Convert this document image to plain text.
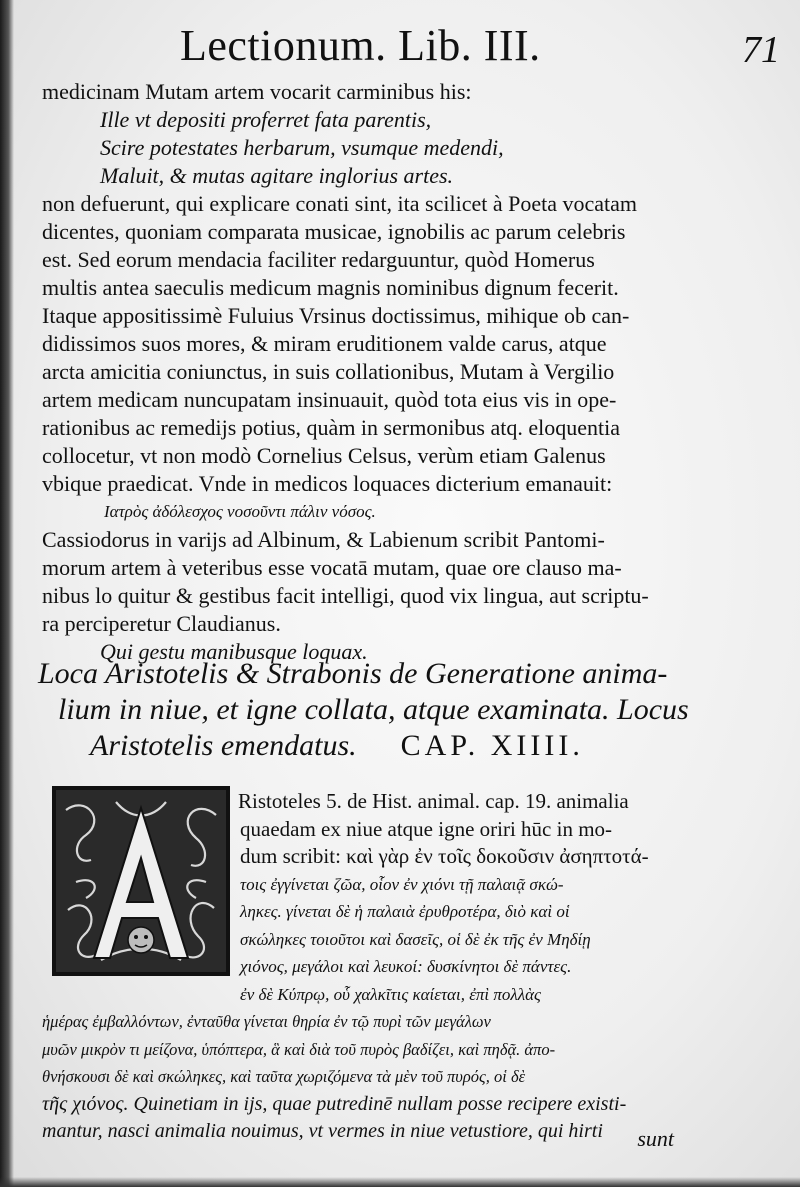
Lectionum. Lib. III.	71
medicinam Mutam artem vocarit carminibus his:
Ille vt depositi proferret fata parentis,
Scire potestates herbarum, vsumque medendi,
Maluit, & mutas agitare inglorius artes.
non defuerunt, qui explicare conati sint, ita scilicet à Poeta vocatam
dicentes, quoniam comparata musicae, ignobilis ac parum celebris
est. Sed eorum mendacia faciliter redarguuntur, quòd Homerus
multis antea saeculis medicum magnis nominibus dignum fecerit.
Itaque appositissimè Fuluius Vrsinus doctissimus, mihique ob can-
didissimos suos mores, & miram eruditionem valde carus, atque
arcta amicitia coniunctus, in suis collationibus, Mutam à Vergilio
artem medicam nuncupatam insinuauit, quòd tota eius vis in ope-
rationibus ac remedijs potius, quàm in sermonibus atq. eloquentia
collocetur, vt non modò Cornelius Celsus, verùm etiam Galenus
vbique praedicat. Vnde in medicos loquaces dicterium emanauit:
Ιατρὸς ἀδόλεσχος νοσοῦντι πάλιν νόσος.
Cassiodorus in varijs ad Albinum, & Labienum scribit Pantomi-
morum artem à veteribus esse vocatā mutam, quae ore clauso ma-
nibus lo quitur & gestibus facit intelligi, quod vix lingua, aut scriptu-
ra perciperetur Claudianus.
Qui gestu manibusque loquax.
Loca Aristotelis & Strabonis de Generatione anima-
lium in niue, et igne collata, atque examinata. Locus
Aristotelis emendatus. CAP. XIIII.
Ristoteles 5. de Hist. animal. cap. 19. animalia
quaedam ex niue atque igne oriri hūc in mo-
dum scribit: καὶ γὰρ ἐν τοῖς δοκοῦσιν ἀσηπτοτά-
τοις ἐγγίνεται ζῶα, οἷον ἐν χιόνι τῇ παλαιᾷ σκώ-
ληκες. γίνεται δὲ ἡ παλαιὰ ἐρυθροτέρα, διὸ καὶ οἱ
σκώληκες τοιοῦτοι καὶ δασεῖς, οἱ δὲ ἐκ τῆς ἐν Μηδίῃ
χιόνος, μεγάλοι καὶ λευκοί: δυσκίνητοι δὲ πάντες.
ἐν δὲ Κύπρῳ, οὗ χαλκῖτις καίεται, ἐπὶ πολλὰς
ἡμέρας ἐμβαλλόντων, ἐνταῦθα γίνεται θηρία ἐν τῷ πυρὶ τῶν μεγάλων
μυῶν μικρὸν τι μείζονα, ὑπόπτερα, ἃ καὶ διὰ τοῦ πυρὸς βαδίζει, καὶ πηδᾷ. ἀπο-
θνήσκουσι δὲ καὶ σκώληκες, καὶ ταῦτα χωριζόμενα τὰ μὲν τοῦ πυρός, οἱ δὲ
τῆς χιόνος. Quinetiam in ijs, quae putredinē nullam posse recipere existi-
mantur, nasci animalia nouimus, vt vermes in niue vetustiore, qui hirti	sunt
